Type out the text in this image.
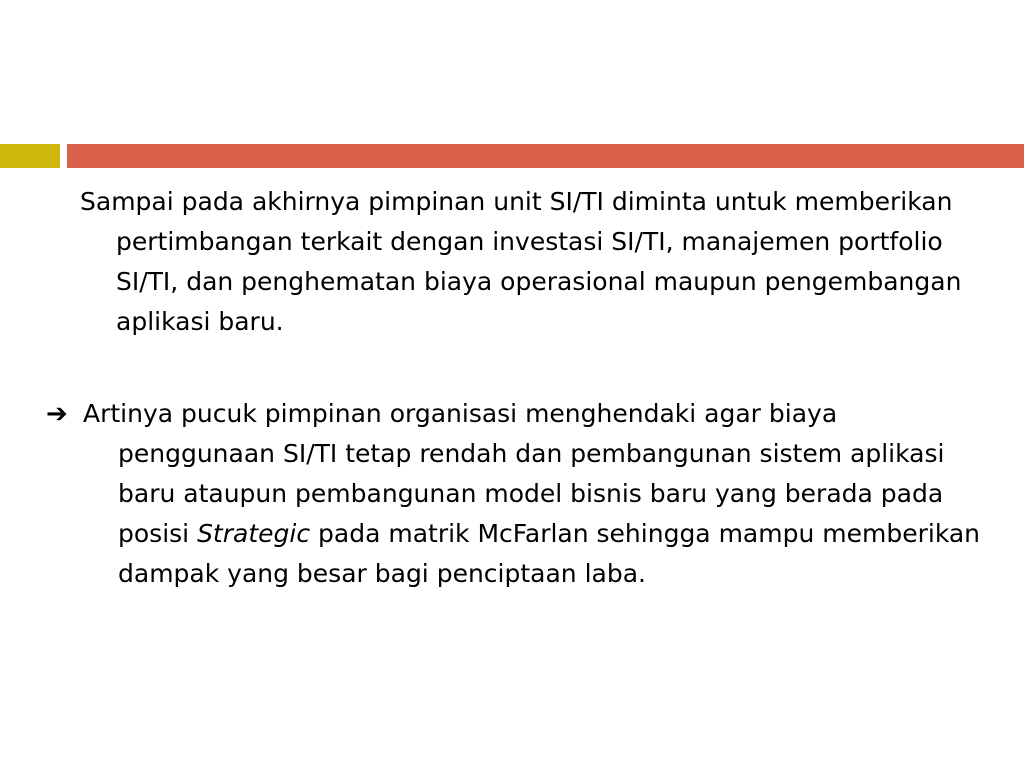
Sampai pada akhirnya pimpinan unit SI/TI diminta untuk memberikan pertimbangan terkait dengan investasi SI/TI, manajemen portfolio SI/TI, dan penghematan biaya operasional maupun pengembangan aplikasi baru.

➔ Artinya pucuk pimpinan organisasi menghendaki agar biaya penggunaan SI/TI tetap rendah dan pembangunan sistem aplikasi baru ataupun pembangunan model bisnis baru yang berada pada posisi Strategic pada matrik McFarlan sehingga mampu memberikan dampak yang besar bagi penciptaan laba.
